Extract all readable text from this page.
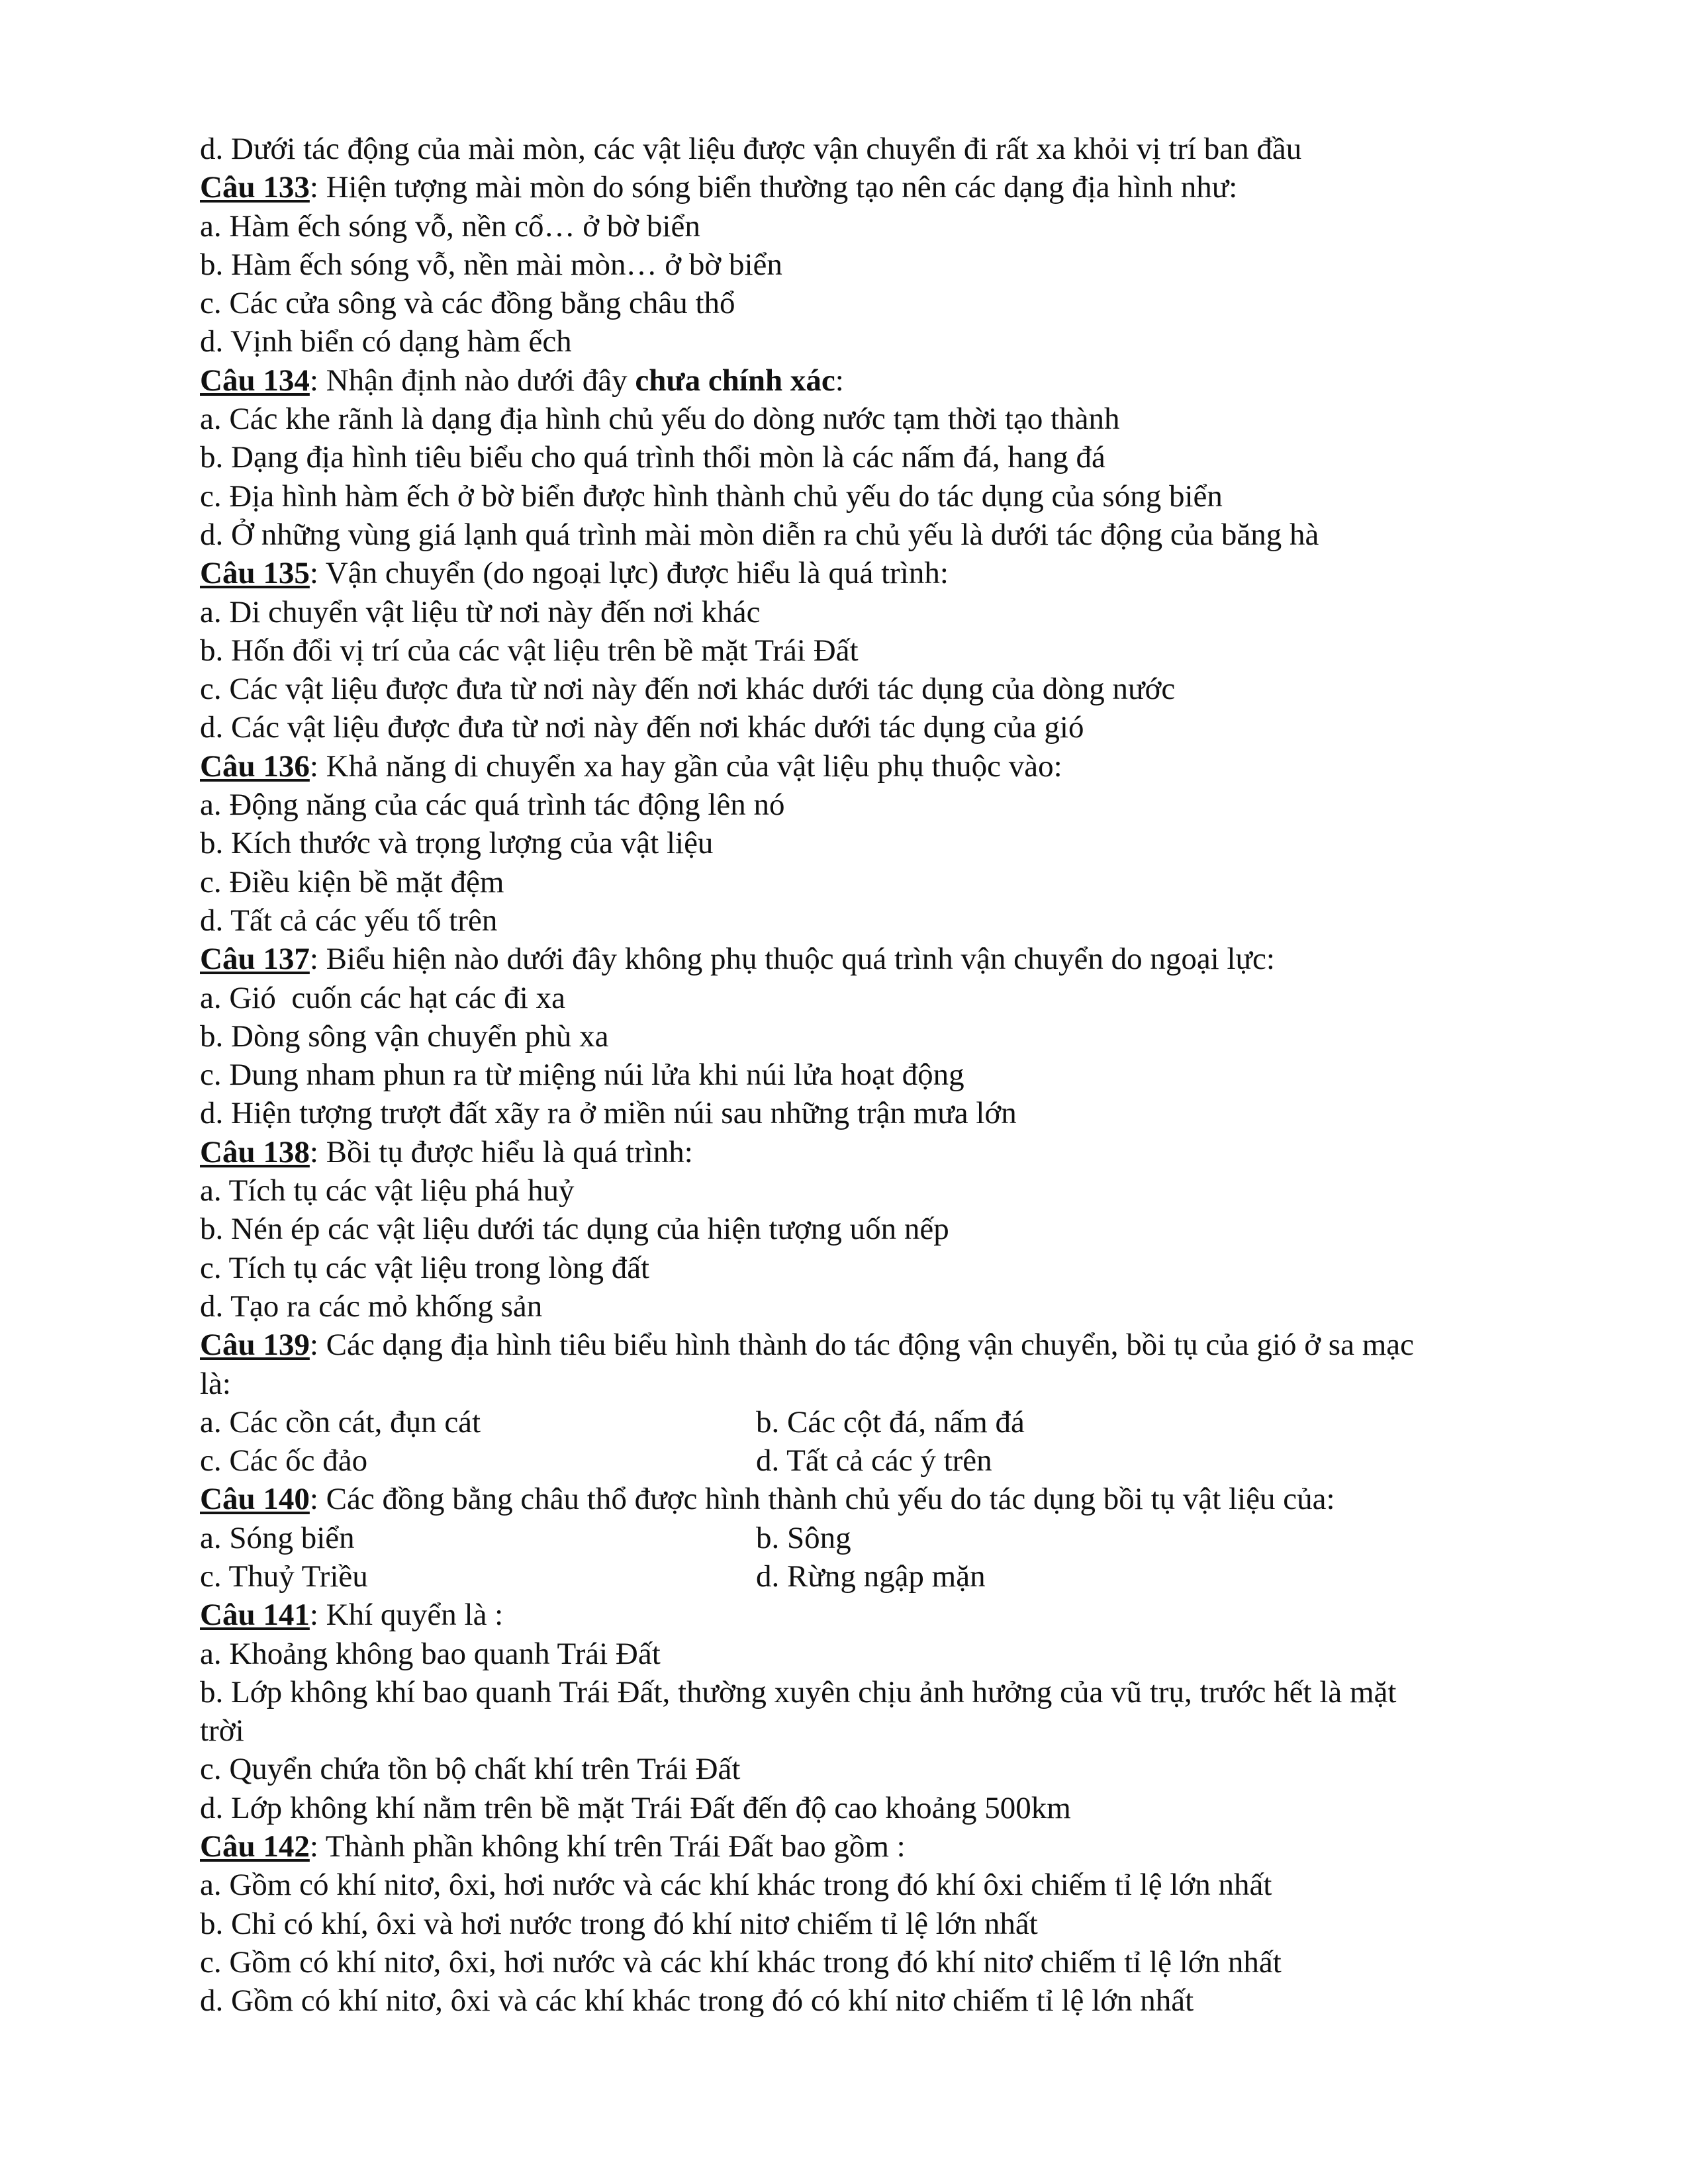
d. Dưới tác động của mài mòn, các vật liệu được vận chuyển đi rất xa khỏi vị trí ban đầu
Câu 133: Hiện tượng mài mòn do sóng biển thường tạo nên các dạng địa hình như:
a. Hàm ếch sóng vỗ, nền cổ… ở bờ biển
b. Hàm ếch sóng vỗ, nền mài mòn… ở bờ biển
c. Các cửa sông và các đồng bằng châu thổ
d. Vịnh biển có dạng hàm ếch
Câu 134: Nhận định nào dưới đây chưa chính xác:
a. Các khe rãnh là dạng địa hình chủ yếu do dòng nước tạm thời tạo thành
b. Dạng địa hình tiêu biểu cho quá trình thổi mòn là các nấm đá, hang đá
c. Địa hình hàm ếch ở bờ biển được hình thành chủ yếu do tác dụng của sóng biển
d. Ở những vùng giá lạnh quá trình mài mòn diễn ra chủ yếu là dưới tác động của băng hà
Câu 135: Vận chuyển (do ngoại lực) được hiểu là quá trình:
a. Di chuyển vật liệu từ nơi này đến nơi khác
b. Hốn đổi vị trí của các vật liệu trên bề mặt Trái Đất
c. Các vật liệu được đưa từ nơi này đến nơi khác dưới tác dụng của dòng nước
d. Các vật liệu được đưa từ nơi này đến nơi khác dưới tác dụng của gió
Câu 136: Khả năng di chuyển xa hay gần của vật liệu phụ thuộc vào:
a. Động năng của các quá trình tác động lên nó
b. Kích thước và trọng lượng của vật liệu
c. Điều kiện bề mặt đệm
d. Tất cả các yếu tố trên
Câu 137: Biểu hiện nào dưới đây không phụ thuộc quá trình vận chuyển do ngoại lực:
a. Gió  cuốn các hạt các đi xa
b. Dòng sông vận chuyển phù xa
c. Dung nham phun ra từ miệng núi lửa khi núi lửa hoạt động
d. Hiện tượng trượt đất xãy ra ở miền núi sau những trận mưa lớn
Câu 138: Bồi tụ được hiểu là quá trình:
a. Tích tụ các vật liệu phá huỷ
b. Nén ép các vật liệu dưới tác dụng của hiện tượng uốn nếp
c. Tích tụ các vật liệu trong lòng đất
d. Tạo ra các mỏ khống sản
Câu 139: Các dạng địa hình tiêu biểu hình thành do tác động vận chuyển, bồi tụ của gió ở sa mạc
là:
a. Các cồn cát, đụn cát	b. Các cột đá, nấm đá
c. Các ốc đảo	d. Tất cả các ý trên
Câu 140: Các đồng bằng châu thổ được hình thành chủ yếu do tác dụng bồi tụ vật liệu của:
a. Sóng biển	b. Sông
c. Thuỷ Triều	d. Rừng ngập mặn
Câu 141: Khí quyển là :
a. Khoảng không bao quanh Trái Đất
b. Lớp không khí bao quanh Trái Đất, thường xuyên chịu ảnh hưởng của vũ trụ, trước hết là mặt
trời
c. Quyển chứa tồn bộ chất khí trên Trái Đất
d. Lớp không khí nằm trên bề mặt Trái Đất đến độ cao khoảng 500km
Câu 142: Thành phần không khí trên Trái Đất bao gồm :
a. Gồm có khí nitơ, ôxi, hơi nước và các khí khác trong đó khí ôxi chiếm tỉ lệ lớn nhất
b. Chỉ có khí, ôxi và hơi nước trong đó khí nitơ chiếm tỉ lệ lớn nhất
c. Gồm có khí nitơ, ôxi, hơi nước và các khí khác trong đó khí nitơ chiếm tỉ lệ lớn nhất
d. Gồm có khí nitơ, ôxi và các khí khác trong đó có khí nitơ chiếm tỉ lệ lớn nhất
